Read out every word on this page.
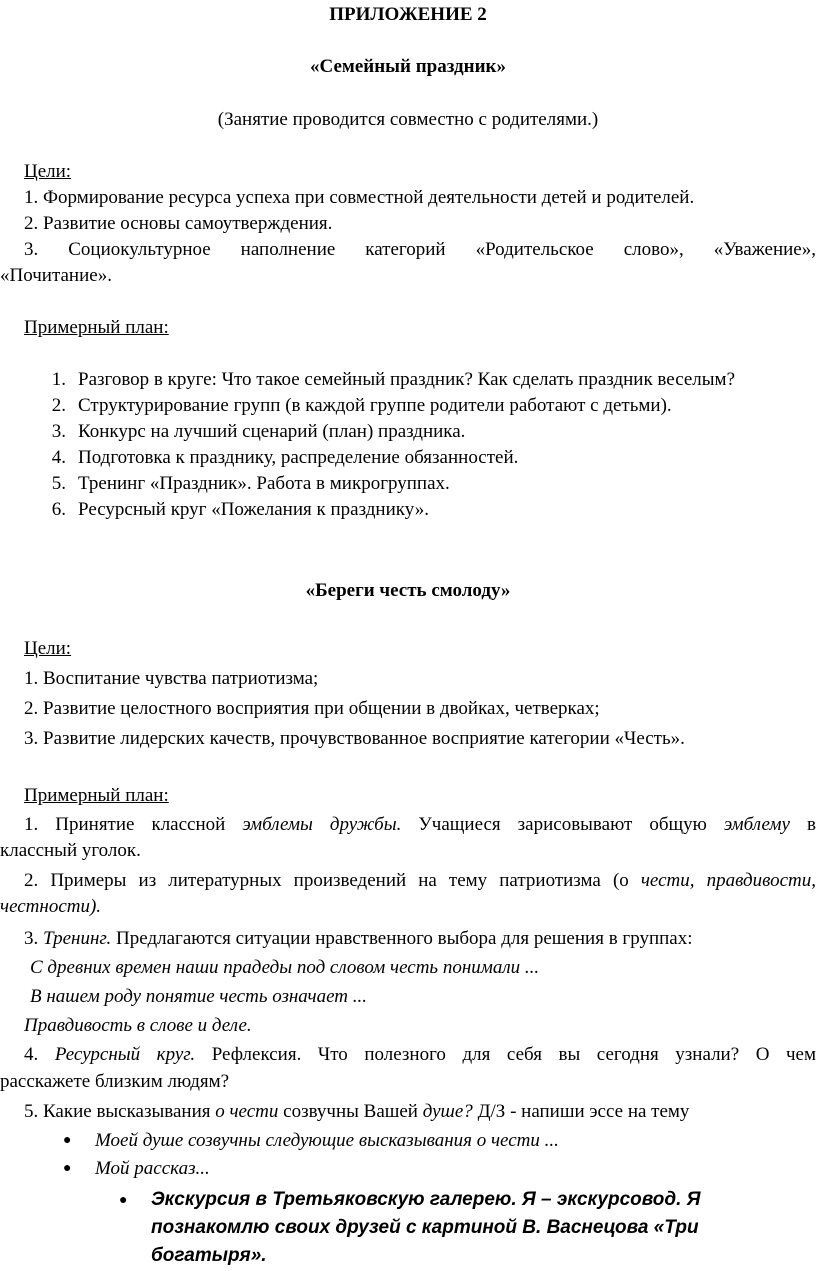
ПРИЛОЖЕНИЕ 2
«Семейный праздник»
(Занятие проводится совместно с родителями.)
Цели:
1. Формирование ресурса успеха при совместной деятельности детей и родителей.
2. Развитие основы самоутверждения.
3. Социокультурное наполнение категорий «Родительское слово», «Уважение»,
«Почитание».
Примерный план:
1. Разговор в круге: Что такое семейный праздник? Как сделать праздник веселым?
2. Структурирование групп (в каждой группе родители работают с детьми).
3. Конкурс на лучший сценарий (план) праздника.
4. Подготовка к празднику, распределение обязанностей.
5. Тренинг «Праздник». Работа в микрогруппах.
6. Ресурсный круг «Пожелания к празднику».
«Береги честь смолоду»
Цели:
1. Воспитание чувства патриотизма;
2. Развитие целостного восприятия при общении в двойках, четверках;
3. Развитие лидерских качеств, прочувствованное восприятие категории «Честь».
Примерный план:
1. Принятие классной эмблемы дружбы. Учащиеся зарисовывают общую эмблему в
классный уголок.
2. Примеры из литературных произведений на тему патриотизма (о чести, правдивости,
честности).
3. Тренинг. Предлагаются ситуации нравственного выбора для решения в группах:
С древних времен наши прадеды под словом честь понимали ...
В нашем роду понятие честь означает ...
Правдивость в слове и деле.
4. Ресурсный круг. Рефлексия. Что полезного для себя вы сегодня узнали? О чем
расскажете близким людям?
5. Какие высказывания о чести созвучны Вашей душе? Д/З - напиши эссе на тему
● Моей душе созвучны следующие высказывания о чести ...
● Мой рассказ...
● Экскурсия в Третьяковскую галерею. Я – экскурсовод. Я
познакомлю своих друзей с картиной В. Васнецова «Три
богатыря».
